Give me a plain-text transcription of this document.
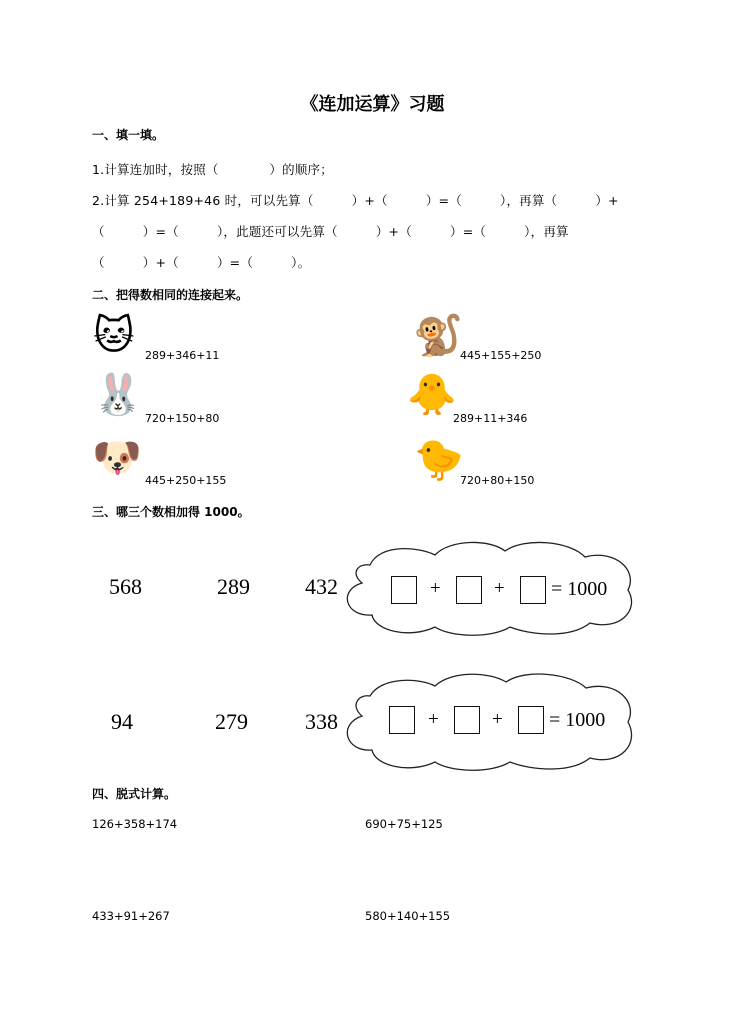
《连加运算》习题
一、填一填。
1.计算连加时，按照（　　　　）的顺序；
2.计算 254+189+46 时，可以先算（　　　）+（　　　）=（　　　），再算（　　　）+
（　　　）=（　　　），此题还可以先算（　　　）+（　　　）=（　　　），再算
（　　　）+（　　　）=（　　　）。
二、把得数相同的连接起来。
🐱 289+346+11
🐰
720+150+80
🐶 445+250+155
🐒
445+155+250
🐥
289+11+346
🐤
720+80+150
三、哪三个数相加得 1000。
568	289	432	+	+ = 1000
94	279	338	+	+ = 1000
四、脱式计算。
126+358+174	690+75+125
433+91+267	580+140+155
